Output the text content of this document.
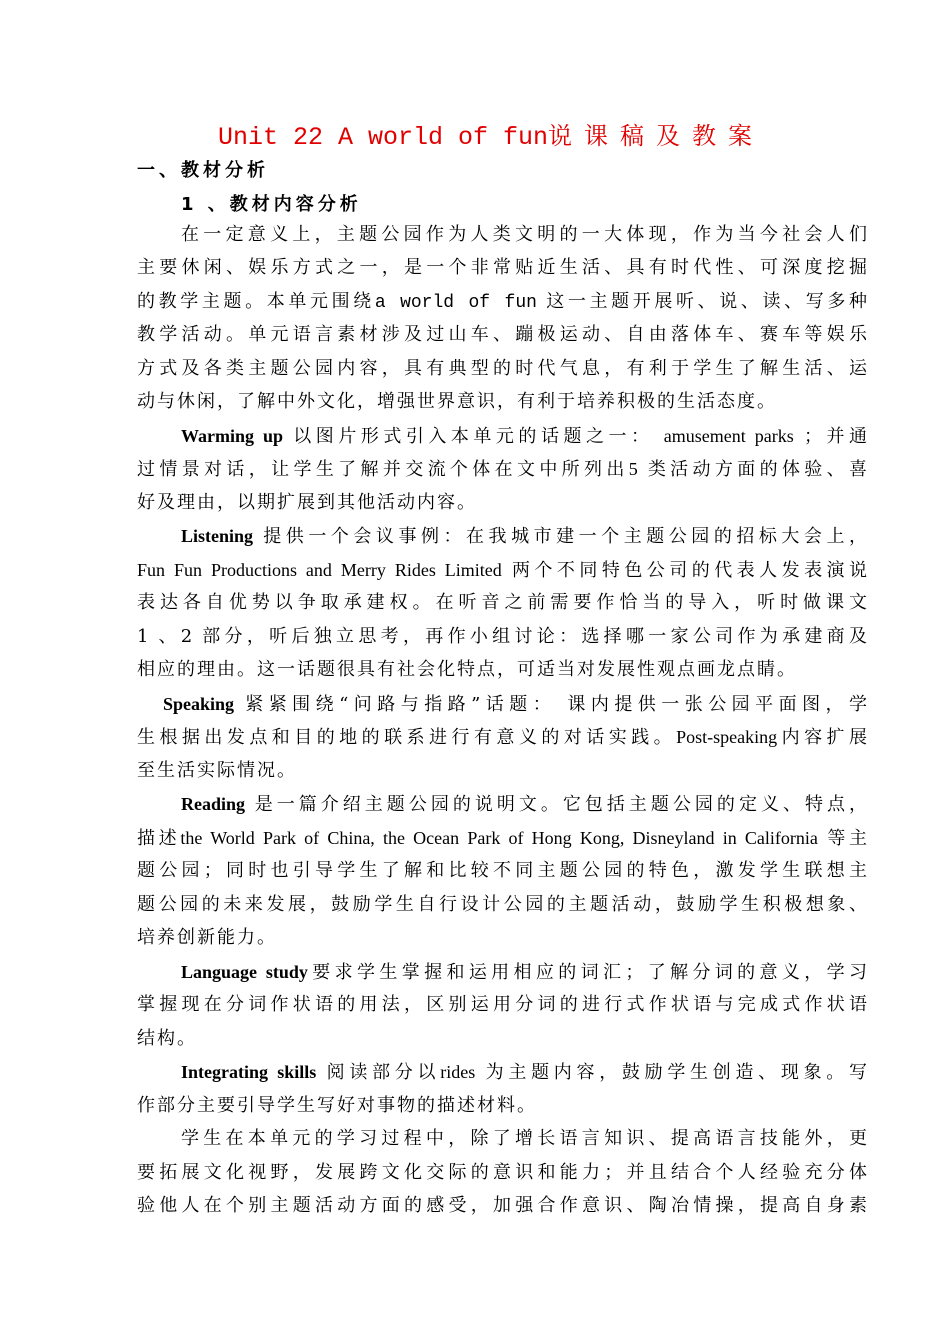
Unit 22 A world of fun说课稿及教案
一、教材分析
1 、教材内容分析
在一定意义上，主题公园作为人类文明的一大体现，作为当今社会人们
主要休闲、娱乐方式之一，是一个非常贴近生活、具有时代性、可深度挖掘
的教学主题。本单元围绕a world of fun 这一主题开展听、说、读、写多种
教学活动。单元语言素材涉及过山车、蹦极运动、自由落体车、赛车等娱乐
方式及各类主题公园内容，具有典型的时代气息，有利于学生了解生活、运
动与休闲，了解中外文化，增强世界意识，有利于培养积极的生活态度。
Warming up 以图片形式引入本单元的话题之一： amusement parks ；并通
过情景对话，让学生了解并交流个体在文中所列出5 类活动方面的体验、喜
好及理由，以期扩展到其他活动内容。
Listening 提供一个会议事例：在我城市建一个主题公园的招标大会上，
Fun Fun Productions and Merry Rides Limited 两个不同特色公司的代表人发表演说
表达各自优势以争取承建权。在听音之前需要作恰当的导入，听时做课文
1 、2 部分，听后独立思考，再作小组讨论：选择哪一家公司作为承建商及
相应的理由。这一话题很具有社会化特点，可适当对发展性观点画龙点睛。
Speaking 紧紧围绕“问路与指路”话题： 课内提供一张公园平面图，学
生根据出发点和目的地的联系进行有意义的对话实践。Post-speaking内容扩展
至生活实际情况。
Reading 是一篇介绍主题公园的说明文。它包括主题公园的定义、特点，
描述the World Park of China, the Ocean Park of Hong Kong, Disneyland in California 等主
题公园；同时也引导学生了解和比较不同主题公园的特色，激发学生联想主
题公园的未来发展，鼓励学生自行设计公园的主题活动，鼓励学生积极想象、
培养创新能力。
Language study要求学生掌握和运用相应的词汇；了解分词的意义，学习
掌握现在分词作状语的用法，区别运用分词的进行式作状语与完成式作状语
结构。
Integrating skills 阅读部分以rides 为主题内容，鼓励学生创造、现象。写
作部分主要引导学生写好对事物的描述材料。
学生在本单元的学习过程中，除了增长语言知识、提高语言技能外，更
要拓展文化视野，发展跨文化交际的意识和能力；并且结合个人经验充分体
验他人在个别主题活动方面的感受，加强合作意识、陶冶情操，提高自身素
